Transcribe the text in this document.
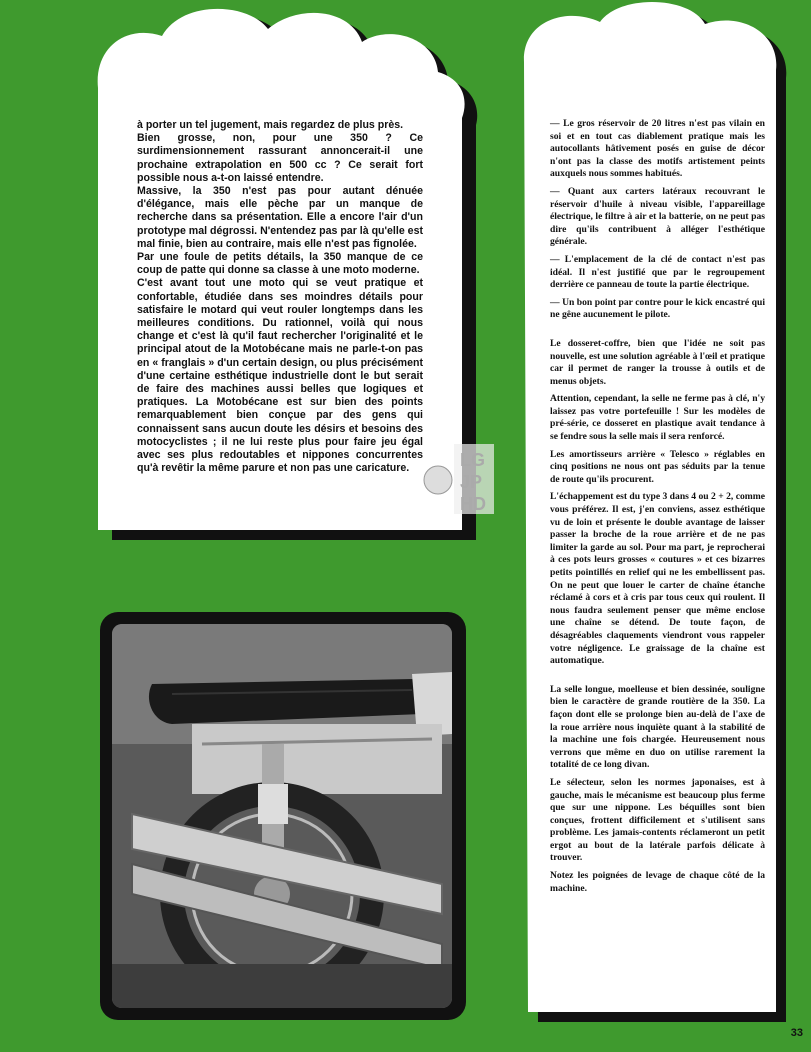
à porter un tel jugement, mais regardez de plus près.

Bien grosse, non, pour une 350 ? Ce surdimensionnement rassurant annoncerait-il une prochaine extrapolation en 500 cc ? Ce serait fort possible nous a-t-on laissé entendre.

Massive, la 350 n'est pas pour autant dénuée d'élégance, mais elle pèche par un manque de recherche dans sa présentation. Elle a encore l'air d'un prototype mal dégrossi. N'entendez pas par là qu'elle est mal finie, bien au contraire, mais elle n'est pas fignolée.

Par une foule de petits détails, la 350 manque de ce coup de patte qui donne sa classe à une moto moderne.

C'est avant tout une moto qui se veut pratique et confortable, étudiée dans ses moindres détails pour satisfaire le motard qui veut rouler longtemps dans les meilleures conditions. Du rationnel, voilà qui nous change et c'est là qu'il faut rechercher l'originalité et le principal atout de la Motobécane mais ne parle-t-on pas en « franglais » d'un certain design, ou plus précisément d'une certaine esthétique industrielle dont le but serait de faire des machines aussi belles que logiques et pratiques. La Motobécane est sur bien des points remarquablement bien conçue par des gens qui connaissent sans aucun doute les désirs et besoins des motocyclistes ; il ne lui reste plus pour faire jeu égal avec ses plus redoutables et nippones concurrentes qu'à revêtir la même parure et non pas une caricature.

— Le gros réservoir de 20 litres n'est pas vilain en soi et en tout cas diablement pratique mais les autocollants hâtivement posés en guise de décor n'ont pas la classe des motifs artistement peints auxquels nous sommes habitués.

— Quant aux carters latéraux recouvrant le réservoir d'huile à niveau visible, l'appareillage électrique, le filtre à air et la batterie, on ne peut pas dire qu'ils contribuent à alléger l'esthétique générale.

— L'emplacement de la clé de contact n'est pas idéal. Il n'est justifié que par le regroupement derrière ce panneau de toute la partie électrique.

— Un bon point par contre pour le kick encastré qui ne gêne aucunement le pilote.

Le dosseret-coffre, bien que l'idée ne soit pas nouvelle, est une solution agréable à l'œil et pratique car il permet de ranger la trousse à outils et de menus objets.

Attention, cependant, la selle ne ferme pas à clé, n'y laissez pas votre portefeuille ! Sur les modèles de pré-série, ce dosseret en plastique avait tendance à se fendre sous la selle mais il sera renforcé.

Les amortisseurs arrière « Telesco » réglables en cinq positions ne nous ont pas séduits par la tenue de route qu'ils procurent.

L'échappement est du type 3 dans 4 ou 2 + 2, comme vous préférez. Il est, j'en conviens, assez esthétique vu de loin et présente le double avantage de laisser passer la broche de la roue arrière et de ne pas limiter la garde au sol. Pour ma part, je reprocherai à ces pots leurs grosses « coutures » et ces bizarres petits pointillés en relief qui ne les embellissent pas. On ne peut que louer le carter de chaîne étanche réclamé à cors et à cris par tous ceux qui roulent. Il nous faudra seulement penser que même enclose une chaîne se détend. De toute façon, de désagréables claquements viendront vous rappeler votre négligence. Le graissage de la chaîne est automatique.

La selle longue, moelleuse et bien dessinée, souligne bien le caractère de grande routière de la 350. La façon dont elle se prolonge bien au-delà de l'axe de la roue arrière nous inquiète quant à la stabilité de la machine une fois chargée. Heureusement nous verrons que même en duo on utilise rarement la totalité de ce long divan.

Le sélecteur, selon les normes japonaises, est à gauche, mais le mécanisme est beaucoup plus ferme que sur une nippone. Les béquilles sont bien conçues, frottent difficilement et s'utilisent sans problème. Les jamais-contents réclameront un petit ergot au bout de la latérale parfois délicate à trouver.

Notez les poignées de levage de chaque côté de la machine.

LG
JP
HD
33
